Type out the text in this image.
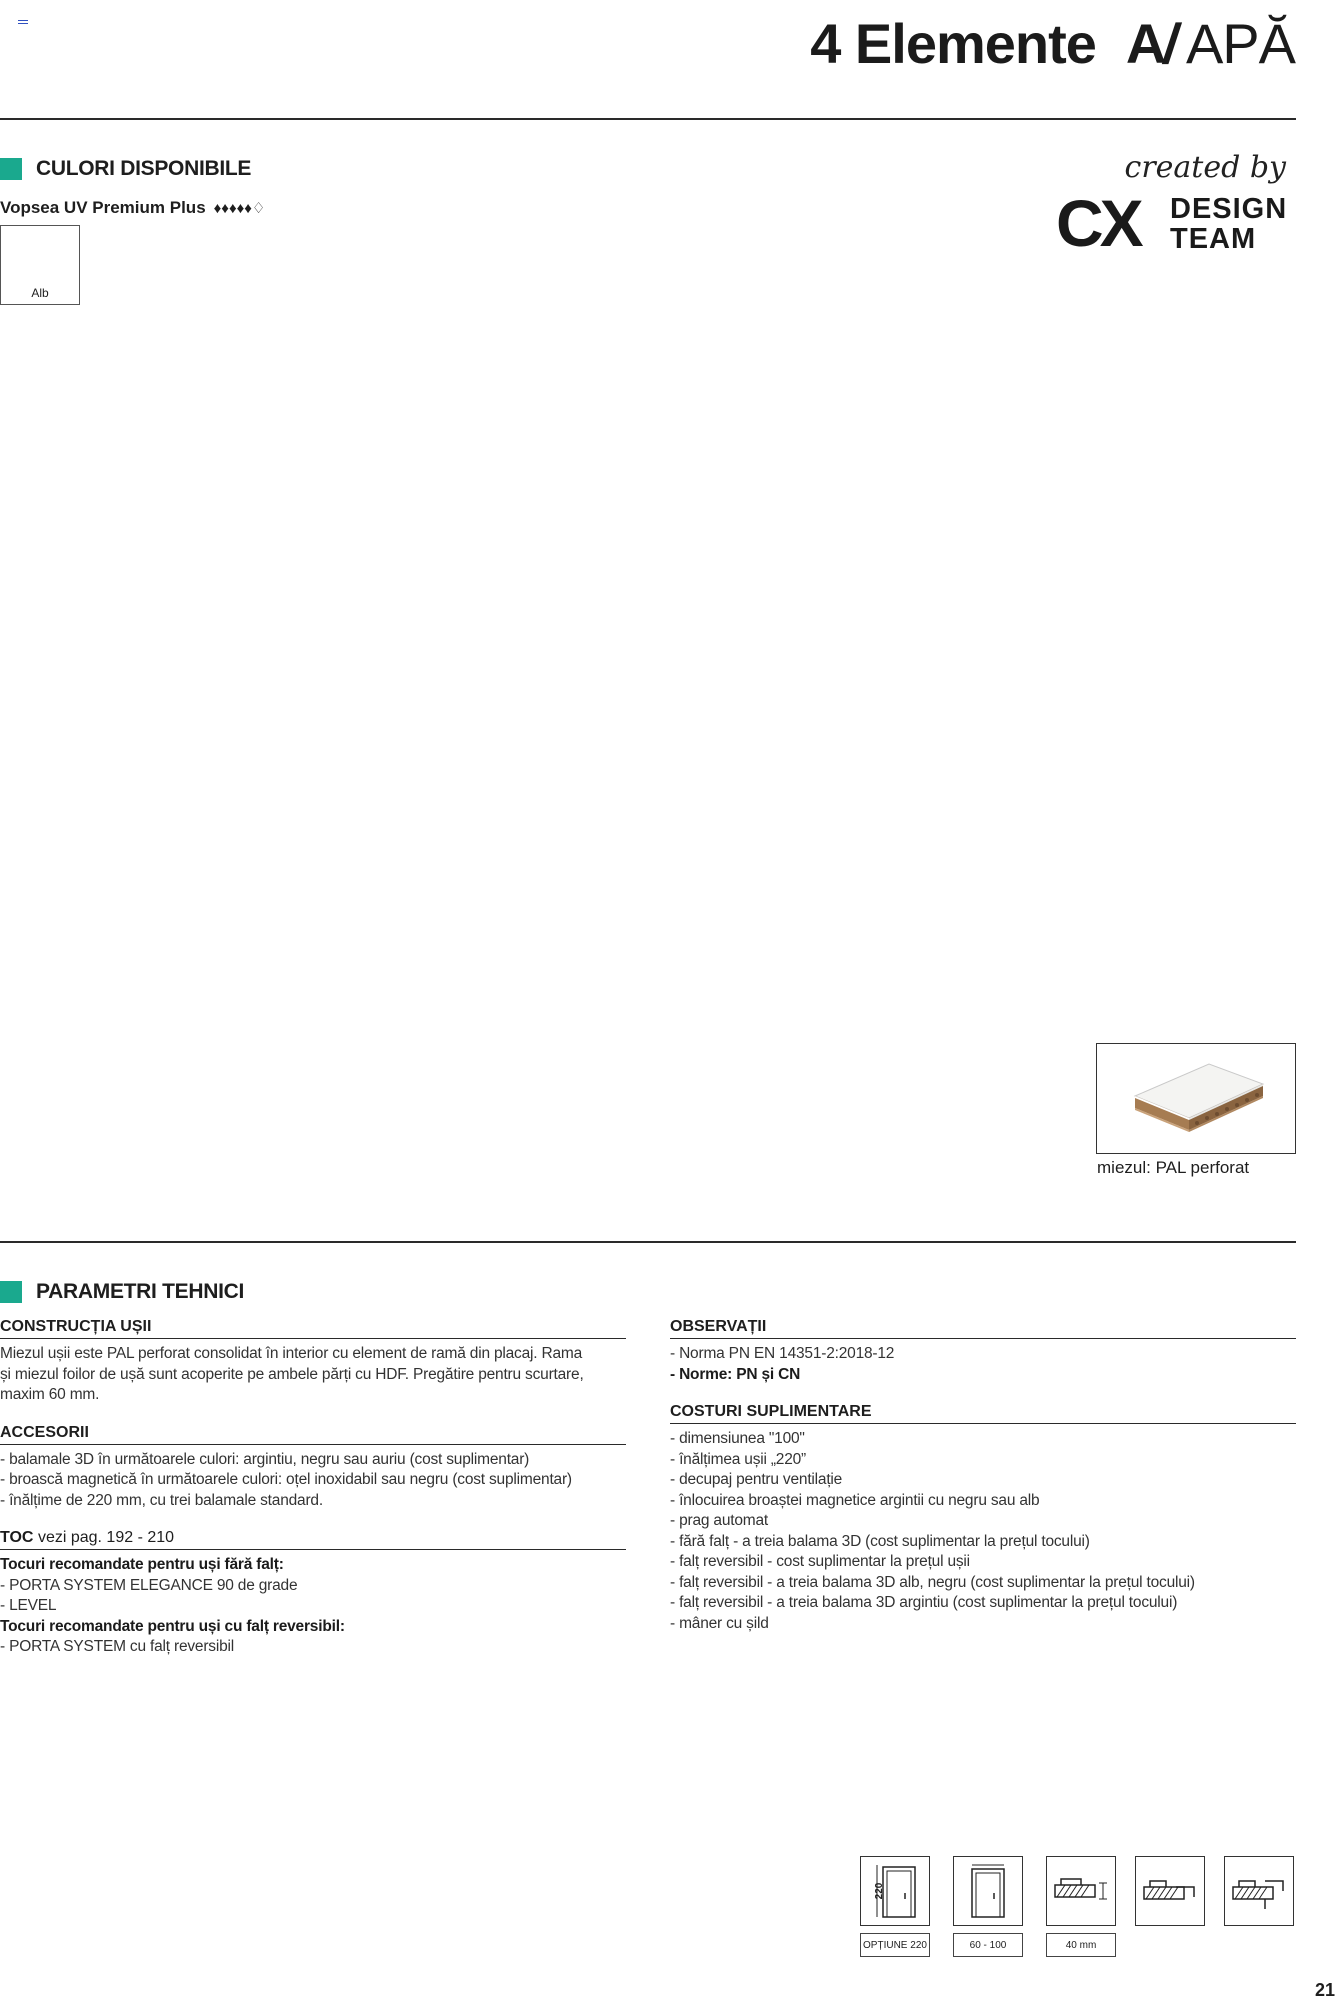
4 Elemente A/APĂ
CULORI DISPONIBILE
Vopsea UV Premium Plus ♦♦♦♦♦♢
Alb
created by
CX DESIGN
TEAM
miezul: PAL perforat
PARAMETRI TEHNICI
CONSTRUCȚIA UȘII
Miezul ușii este PAL perforat consolidat în interior cu element de ramă din placaj. Rama
și miezul foilor de ușă sunt acoperite pe ambele părți cu HDF. Pregătire pentru scurtare,
maxim 60 mm.
ACCESORII
- balamale 3D în următoarele culori: argintiu, negru sau auriu (cost suplimentar)
- broască magnetică în următoarele culori: oțel inoxidabil sau negru (cost suplimentar)
- înălțime de 220 mm, cu trei balamale standard.
TOC vezi pag. 192 - 210
Tocuri recomandate pentru uși fără falț:
- PORTA SYSTEM ELEGANCE 90 de grade
- LEVEL
Tocuri recomandate pentru uși cu falț reversibil:
- PORTA SYSTEM cu falț reversibil
OBSERVAȚII
- Norma PN EN 14351-2:2018-12
- Norme: PN și CN
COSTURI SUPLIMENTARE
- dimensiunea "100"
- înălțimea ușii „220”
- decupaj pentru ventilație
- înlocuirea broaștei magnetice argintii cu negru sau alb
- prag automat
- fără falț - a treia balama 3D (cost suplimentar la prețul tocului)
- falț reversibil - cost suplimentar la prețul ușii
- falț reversibil - a treia balama 3D alb, negru (cost suplimentar la prețul tocului)
- falț reversibil - a treia balama 3D argintiu (cost suplimentar la prețul tocului)
- mâner cu șild
220
OPȚIUNE 220	60 - 100	40 mm
21
